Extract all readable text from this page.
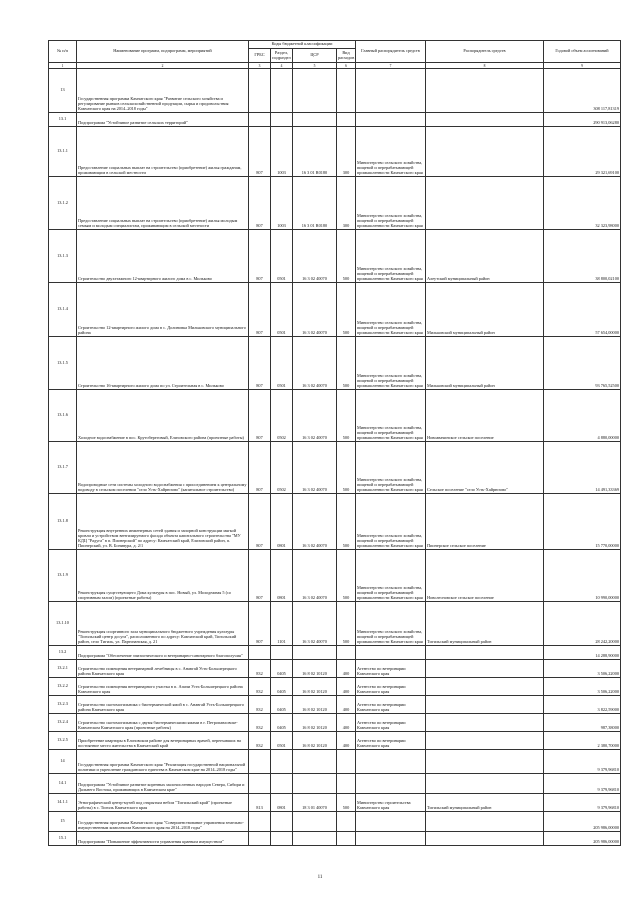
№ п/п	Наименование программ, подпрограмм, мероприятий	Коды бюджетной классификации				Главный распорядитель средств	Распорядитель средств	Годовой объем ассигнований
		ГРБС	Раздел, подраздел	ЦСР	Вид расходов			
1	2	3	4	5	6	7	8	9
13	Государственная программа Камчатского края "Развитие сельского хозяйства и регулирование рынков сельскохозяйственной продукции, сырья и продовольствия Камчатского края на 2014–2018 годы"							308 117,81319
13.1	Подпрограмма "Устойчивое развитие сельских территорий"							290 913,06280
13.1.1	Предоставление социальных выплат на строительство (приобретение) жилья гражданам, проживающим в сельской местности	807	1003	16 3 01 R0180	300	Министерство сельского хозяйства, пищевой и перерабатывающей промышленности Камчатского края		29 321,69100
13.1.2	Предоставление социальных выплат на строительство (приобретение) жилья молодым семьям и молодым специалистам, проживающим в сельской местности	807	1003	16 3 01 R0180	300	Министерство сельского хозяйства, пищевой и перерабатывающей промышленности Камчатского края		32 323,98000
13.1.3	Строительство двухэтажного 12-квартирного жилого дома в с. Мильково	807	0501	16 3 02 40070	500	Министерство сельского хозяйства, пищевой и перерабатывающей промышленности Камчатского края	Алеутский муниципальный район	38 800,02100
13.1.4	Строительство 12-квартирного жилого дома в с. Долиновка Мильковского муниципального района	807	0501	16 3 02 40070	500	Министерство сельского хозяйства, пищевой и перерабатывающей промышленности Камчатского края	Мильковский муниципальный район	57 654,00000
13.1.5	Строительство 16-квартирного жилого дома по ул. Строительная в с. Мильково	807	0501	16 3 02 40070	500	Министерство сельского хозяйства, пищевой и перерабатывающей промышленности Камчатского края	Мильковский муниципальный район	93 765,52500
13.1.6	Холодное водоснабжение в пос. Крутобереговый, Елизовского района (проектные работы)	807	0502	16 3 02 40070	500	Министерство сельского хозяйства, пищевой и перерабатывающей промышленности Камчатского края	Новоавачинское сельское поселение	4 880,00000
13.1.7	Водопроводные сети системы холодного водоснабжения с присоединением к центральному водоводу в сельском поселении "село Усть-Хайрюзово" (капитальное строительство)	807	0502	16 3 02 40070	500	Министерство сельского хозяйства, пищевой и перерабатывающей промышленности Камчатского края	Сельское поселение "село Усть-Хайрюзово"	14 491,33369
13.1.8	Реконструкция внутренних инженерных сетей здания и запорной конструкции мягкой кровли и устройством вентилируемого фасада объекта капитального строительства "МУ КДЦ "Радуга" в п. Пионерский" по адресу: Камчатский край, Елизовский район, п. Пионерский, ул. В. Бонивура, д. 2/1	807	0801	16 3 02 40070	500	Министерство сельского хозяйства, пищевой и перерабатывающей промышленности Камчатского края	Пионерское сельское поселение	15 770,00000
13.1.9	Реконструкция существующего Дома культуры в пос. Новый, ул. Молодежная 5 (со спортивным залом) (проектные работы)	807	0801	16 3 02 40070	500	Министерство сельского хозяйства, пищевой и перерабатывающей промышленности Камчатского края	Новолесновское сельское поселение	10 990,00000
13.1.10	Реконструкция спортивного зала муниципального бюджетного учреждения культуры "Тигильский центр досуга", расположенного по адресу: Камчатский край, Тигильский район, село Тигиль, ул. Партизанская, д. 21	807	1101	16 3 02 40070	500	Министерство сельского хозяйства, пищевой и перерабатывающей промышленности Камчатского края	Тигильский муниципальный район	28 242,20000
13.2	Подпрограмма "Обеспечение эпизоотического и ветеринарно-санитарного благополучия"							14 288,90000
13.2.1	Строительство помещения ветеринарной лечебницы в с. Анавгай Усть-Большерецкого района Камчатского края	832	0405	16 8 02 10120	400	Агентство по ветеринарии Камчатского края		3 506,22000
13.2.2	Строительство помещения ветеринарного участка в п. Апачи Усть-Большерецкого района Камчатского края	832	0405	16 8 02 10120	400	Агентство по ветеринарии Камчатского края		3 506,22000
13.2.3	Строительство скотомогильника с биотермической ямой в с. Анавгай Усть-Большерецкого района Камчатского края	832	0405	16 8 02 10120	400	Агентство по ветеринарии Камчатского края		3 822,59000
13.2.4	Строительство скотомогильника с двумя биотермическими ямами в г. Петропавловске-Камчатском Камчатского края (проектные работы)	832	0405	16 8 02 10120	400	Агентство по ветеринарии Камчатского края		987,38000
13.2.5	Приобретение квартиры в Елизовском районе для ветеринарных врачей, переехавших на постоянное место жительства в Камчатский край	832	0501	16 8 02 10120	400	Агентство по ветеринарии Камчатского края		2 380,70000
14	Государственная программа Камчатского края "Реализация государственной национальной политики и укрепление гражданского единства в Камчатском крае на 2014–2018 годы"							9 379,96810
14.1	Подпрограмма "Устойчивое развитие коренных малочисленных народов Севера, Сибири и Дальнего Востока, проживающих в Камчатском крае"							9 379,96810
14.1.1	Этнографический центр-музей под открытым небом "Тигильский край" (проектные работы) в с. Тигиль Камчатского края	813	0801	18 3 01 40070	500	Министерство строительства Камчатского края	Тигильский муниципальный район	9 379,96810
15	Государственная программа Камчатского края "Совершенствование управления земельно-имущественным комплексом Камчатского края на 2014–2018 годы"							205 986,00000
15.1	Подпрограмма "Повышение эффективности управления краевым имуществом"							205 986,00000
11
